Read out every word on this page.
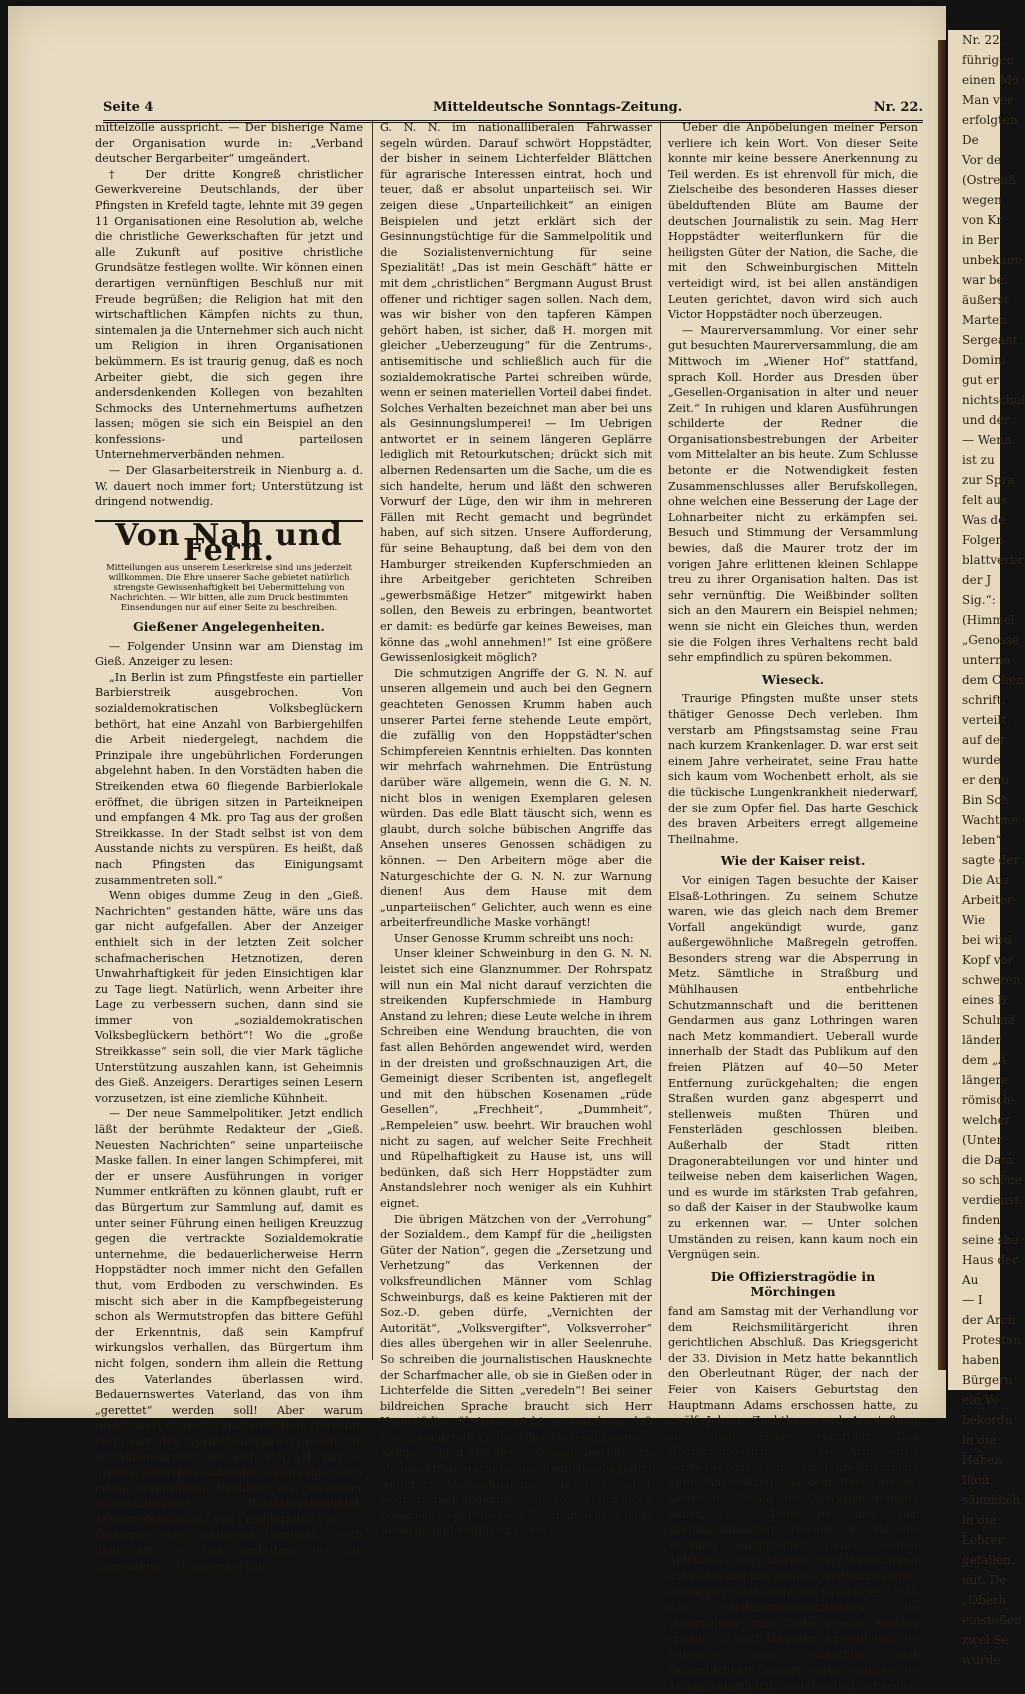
Seite 4	Mitteldeutsche Sonntags-Zeitung.	Nr. 22.

mittelzölle ausspricht. — Der bisherige Name der Organisation wurde in: „Verband deutscher Bergarbeiter“ umgeändert.

† Der dritte Kongreß christlicher Gewerkvereine Deutschlands, der über Pfingsten in Krefeld tagte, lehnte mit 39 gegen 11 Organisationen eine Resolution ab, welche die christliche Gewerkschaften für jetzt und alle Zukunft auf positive christliche Grundsätze festlegen wollte. Wir können einen derartigen vernünftigen Beschluß nur mit Freude begrüßen; die Religion hat mit den wirtschaftlichen Kämpfen nichts zu thun, sintemalen ja die Unternehmer sich auch nicht um Religion in ihren Organisationen bekümmern. Es ist traurig genug, daß es noch Arbeiter giebt, die sich gegen ihre andersdenkenden Kollegen von bezahlten Schmocks des Unternehmertums aufhetzen lassen; mögen sie sich ein Beispiel an den konfessions- und parteilosen Unternehmerverbänden nehmen.

— Der Glasarbeiterstreik in Nienburg a. d. W. dauert noch immer fort; Unterstützung ist dringend notwendig.

Von Nah und Fern.
Mitteilungen aus unserem Leserkreise sind uns jederzeit willkommen. Die Ehre unserer Sache gebietet natürlich strengste Gewissenhaftigkeit bei Uebermittelung von Nachrichten. — Wir bitten, alle zum Druck bestimmten Einsendungen nur auf einer Seite zu beschreiben.
Gießener Angelegenheiten.

— Folgender Unsinn war am Dienstag im Gieß. Anzeiger zu lesen:

„In Berlin ist zum Pfingstfeste ein partieller Barbierstreik ausgebrochen. Von sozialdemokratischen Volksbeglückern bethört, hat eine Anzahl von Barbiergehilfen die Arbeit niedergelegt, nachdem die Prinzipale ihre ungebührlichen Forderungen abgelehnt haben. In den Vorstädten haben die Streikenden etwa 60 fliegende Barbierlokale eröffnet, die übrigen sitzen in Parteikneipen und empfangen 4 Mk. pro Tag aus der großen Streikkasse. In der Stadt selbst ist von dem Ausstande nichts zu verspüren. Es heißt, daß nach Pfingsten das Einigungsamt zusammentreten soll.“

Wenn obiges dumme Zeug in den „Gieß. Nachrichten“ gestanden hätte, wäre uns das gar nicht aufgefallen. Aber der Anzeiger enthielt sich in der letzten Zeit solcher schafmacherischen Hetznotizen, deren Unwahrhaftigkeit für jeden Einsichtigen klar zu Tage liegt. Natürlich, wenn Arbeiter ihre Lage zu verbessern suchen, dann sind sie immer von „sozialdemokratischen Volksbeglückern bethört“! Wo die „große Streikkasse“ sein soll, die vier Mark tägliche Unterstützung auszahlen kann, ist Geheimnis des Gieß. Anzeigers. Derartiges seinen Lesern vorzusetzen, ist eine ziemliche Kühnheit.

— Der neue Sammelpolitiker. Jetzt endlich läßt der berühmte Redakteur der „Gieß. Neuesten Nachrichten“ seine unparteiische Maske fallen. In einer langen Schimpferei, mit der er unsere Ausführungen in voriger Nummer entkräften zu können glaubt, ruft er das Bürgertum zur Sammlung auf, damit es unter seiner Führung einen heiligen Kreuzzug gegen die vertrackte Sozialdemokratie unternehme, die bedauerlicherweise Herrn Hoppstädter noch immer nicht den Gefallen thut, vom Erdboden zu verschwinden. Es mischt sich aber in die Kampfbegeisterung schon als Wermutstropfen das bittere Gefühl der Erkenntnis, daß sein Kampfruf wirkungslos verhallen, das Bürgertum ihm nicht folgen, sondern ihm allein die Rettung des Vaterlandes überlassen wird. Bedauernswertes Vaterland, das von ihm „gerettet“ werden soll! Aber warum proklamiert denn der in allen Sätteln Gerechte erst jetzt den Vernichtungskrieg gegen die Sozialdemokratie? Als sich Herr H. mit so großem Pomp hier ankündigte, empfahl er sich einem verehrlichen Publikum als gewesener nationalliberaler Reichstagskandidat, Magistratsmitglied von Lichterfelde zc. — Letzteres war, nebenbei bemerkt, auch geflunkert. — Wir gestatten uns die Bemerkung, daß nunmehr die

G. N. N. im nationalliberalen Fahrwasser segeln würden. Darauf schwört Hoppstädter, der bisher in seinem Lichterfelder Blättchen für agrarische Interessen eintrat, hoch und teuer, daß er absolut unparteiisch sei. Wir zeigen diese „Unparteilichkeit“ an einigen Beispielen und jetzt erklärt sich der Gesinnungstüchtige für die Sammelpolitik und die Sozialistenvernichtung für seine Spezialität! „Das ist mein Geschäft“ hätte er mit dem „christlichen“ Bergmann August Brust offener und richtiger sagen sollen. Nach dem, was wir bisher von den tapferen Kämpen gehört haben, ist sicher, daß H. morgen mit gleicher „Ueberzeugung“ für die Zentrums-, antisemitische und schließlich auch für die sozialdemokratische Partei schreiben würde, wenn er seinen materiellen Vorteil dabei findet. Solches Verhalten bezeichnet man aber bei uns als Gesinnungslumperei! — Im Uebrigen antwortet er in seinem längeren Geplärre lediglich mit Retourkutschen; drückt sich mit albernen Redensarten um die Sache, um die es sich handelte, herum und läßt den schweren Vorwurf der Lüge, den wir ihm in mehreren Fällen mit Recht gemacht und begründet haben, auf sich sitzen. Unsere Aufforderung, für seine Behauptung, daß bei dem von den Hamburger streikenden Kupferschmieden an ihre Arbeitgeber gerichteten Schreiben „gewerbsmäßige Hetzer“ mitgewirkt haben sollen, den Beweis zu erbringen, beantwortet er damit: es bedürfe gar keines Beweises, man könne das „wohl annehmen!“ Ist eine größere Gewissenlosigkeit möglich?

Die schmutzigen Angriffe der G. N. N. auf unseren allgemein und auch bei den Gegnern geachteten Genossen Krumm haben auch unserer Partei ferne stehende Leute empört, die zufällig von den Hoppstädter'schen Schimpfereien Kenntnis erhielten. Das konnten wir mehrfach wahrnehmen. Die Entrüstung darüber wäre allgemein, wenn die G. N. N. nicht blos in wenigen Exemplaren gelesen würden. Das edle Blatt täuscht sich, wenn es glaubt, durch solche bübischen Angriffe das Ansehen unseres Genossen schädigen zu können. — Den Arbeitern möge aber die Naturgeschichte der G. N. N. zur Warnung dienen! Aus dem Hause mit dem „unparteiischen“ Gelichter, auch wenn es eine arbeiterfreundliche Maske vorhängt!

Unser Genosse Krumm schreibt uns noch:

Unser kleiner Schweinburg in den G. N. N. leistet sich eine Glanznummer. Der Rohrspatz will nun ein Mal nicht darauf verzichten die streikenden Kupferschmiede in Hamburg Anstand zu lehren; diese Leute welche in ihrem Schreiben eine Wendung brauchten, die von fast allen Behörden angewendet wird, werden in der dreisten und großschnauzigen Art, die Gemeinigt dieser Scribenten ist, angeflegelt und mit den hübschen Kosenamen „rüde Gesellen“, „Frechheit“, „Dummheit“, „Rempeleien“ usw. beehrt. Wir brauchen wohl nicht zu sagen, auf welcher Seite Frechheit und Rüpelhaftigkeit zu Hause ist, uns will bedünken, daß sich Herr Hoppstädter zum Anstandslehrer noch weniger als ein Kuhhirt eignet.

Die übrigen Mätzchen von der „Verrohung“ der Sozialdem., dem Kampf für die „heiligsten Güter der Nation“, gegen die „Zersetzung und Verhetzung“ das Verkennen der volksfreundlichen Männer vom Schlag Schweinburgs, daß es keine Paktieren mit der Soz.-D. geben dürfe, „Vernichten der Autorität“, „Volksvergifter“, Volksverroher“ dies alles übergehen wir in aller Seelenruhe. So schreiben die journalistischen Hausknechte der Scharfmacher alle, ob sie in Gießen oder in Lichterfelde die Sitten „veredeln“! Bei seiner bildreichen Sprache braucht sich Herr Hoppstädter übrigens nicht zu wundern, daß die „gebildeten Kreise“ des Volkes in seinem Kampfe gegen uns meist „Gewehr bei Fuß“ zu stehen; er unterschätzt das Reinlichkeitsgefühl weiterer Volksschichten, die bei aller Gegnerschaft gegenüber der Soz.-D. sich doch bedanken unparteiischen Geschäftsleuten beim Bauernfang behilflich zu sein.

Ueber die Anpöbelungen meiner Person verliere ich kein Wort. Von dieser Seite konnte mir keine bessere Anerkennung zu Teil werden. Es ist ehrenvoll für mich, die Zielscheibe des besonderen Hasses dieser übelduftenden Blüte am Baume der deutschen Journalistik zu sein. Mag Herr Hoppstädter weiterflunkern für die heiligsten Güter der Nation, die Sache, die mit den Schweinburgischen Mitteln verteidigt wird, ist bei allen anständigen Leuten gerichtet, davon wird sich auch Victor Hoppstädter noch überzeugen.

— Maurerversammlung. Vor einer sehr gut besuchten Maurerversammlung, die am Mittwoch im „Wiener Hof“ stattfand, sprach Koll. Horder aus Dresden über „Gesellen-Organisation in alter und neuer Zeit.“ In ruhigen und klaren Ausführungen schilderte der Redner die Organisationsbestrebungen der Arbeiter vom Mittelalter an bis heute. Zum Schlusse betonte er die Notwendigkeit festen Zusammenschlusses aller Berufskollegen, ohne welchen eine Besserung der Lage der Lohnarbeiter nicht zu erkämpfen sei. Besuch und Stimmung der Versammlung bewies, daß die Maurer trotz der im vorigen Jahre erlittenen kleinen Schlappe treu zu ihrer Organisation halten. Das ist sehr vernünftig. Die Weißbinder sollten sich an den Maurern ein Beispiel nehmen; wenn sie nicht ein Gleiches thun, werden sie die Folgen ihres Verhaltens recht bald sehr empfindlich zu spüren bekommen.

Wieseck.

Traurige Pfingsten mußte unser stets thätiger Genosse Dech verleben. Ihm verstarb am Pfingstsamstag seine Frau nach kurzem Krankenlager. D. war erst seit einem Jahre verheiratet, seine Frau hatte sich kaum vom Wochenbett erholt, als sie die tückische Lungenkrankheit niederwarf, der sie zum Opfer fiel. Das harte Geschick des braven Arbeiters erregt allgemeine Theilnahme.

Wie der Kaiser reist.

Vor einigen Tagen besuchte der Kaiser Elsaß-Lothringen. Zu seinem Schutze waren, wie das gleich nach dem Bremer Vorfall angekündigt wurde, ganz außergewöhnliche Maßregeln getroffen. Besonders streng war die Absperrung in Metz. Sämtliche in Straßburg und Mühlhausen entbehrliche Schutzmannschaft und die berittenen Gendarmen aus ganz Lothringen waren nach Metz kommandiert. Ueberall wurde innerhalb der Stadt das Publikum auf den freien Plätzen auf 40—50 Meter Entfernung zurückgehalten; die engen Straßen wurden ganz abgesperrt und stellenweis mußten Thüren und Fensterläden geschlossen bleiben. Außerhalb der Stadt ritten Dragonerabteilungen vor und hinter und teilweise neben dem kaiserlichen Wagen, und es wurde im stärksten Trab gefahren, so daß der Kaiser in der Staubwolke kaum zu erkennen war. — Unter solchen Umständen zu reisen, kann kaum noch ein Vergnügen sein.

Die Offizierstragödie in Mörchingen

fand am Samstag mit der Verhandlung vor dem Reichsmilitärgericht ihren gerichtlichen Abschluß. Das Kriegsgericht der 33. Division in Metz hatte bekanntlich den Oberleutnant Rüger, der nach der Feier von Kaisers Geburtstag den Hauptmann Adams erschossen hatte, zu zwölf Jahren Zuchthaus und Ausstoßung aus dem Heere verurteilt. Das Oberkriegsgericht des 16. Armeekorps setzte die Strafe auf sechs Jahre Zuchthaus unter Ausstoßung aus dem Heere herab. Gegen das Urteil des Oberkriegsgerichts haben der Angeklagte und der Korpskommandeur General v. Häseler Revision angemeldet, jener wegen Ablehnung der Anträge der Verteidigung auf Untersuchung seines Geisteszustandes, dieser rügt, daß nicht auf Grund des § 211 des Militärstrafgesetzbuches die Verurteilung zum Tode wegen Mordes erfolgt ist. Nach längerer Verhandlung, die teilweise unter Ausschluß der Oeffentlichkeit geführt wurde, wurden die Anträge abgelehnt, so daß es bei der sechs-

Nr. 22.
führigen
einen Mo
Man ver
erfolgten
De
Vor de
(Ostreuß
wegen
von Kr
in Ber
unbekann
war bei
äußerst
Marten
Sergeant
Domini
gut er
nichtschul
und der
— Wenn
ist zu
zur Spra
felt aus
Was de
Folgen
blattverbr
der J
Sig.“:
(Himmel
„Genosse
unterno
dem Chen
schrift:
verteilt.
auf der
wurde
er denn
Bin Sch
Wachtme
leben“
sagte der
Die Aus
Arbeiter-
Wie
bei wird
Kopf vor
schweren
eines B
Schulmä
länder
dem „A
längere
römisch-
welcher
(Unter
die Dam
so schöne
verdienst
finden
seine she
Haus der
Au
— I
der Arch
Protestan
haben
Bürgern
ein Ve
bekordn
in die
Haben
Ilion
sämmlich
in die
Lehrer
gefallen,
mit. De
„Oberh
einstoßen
zwei Se
wurde
